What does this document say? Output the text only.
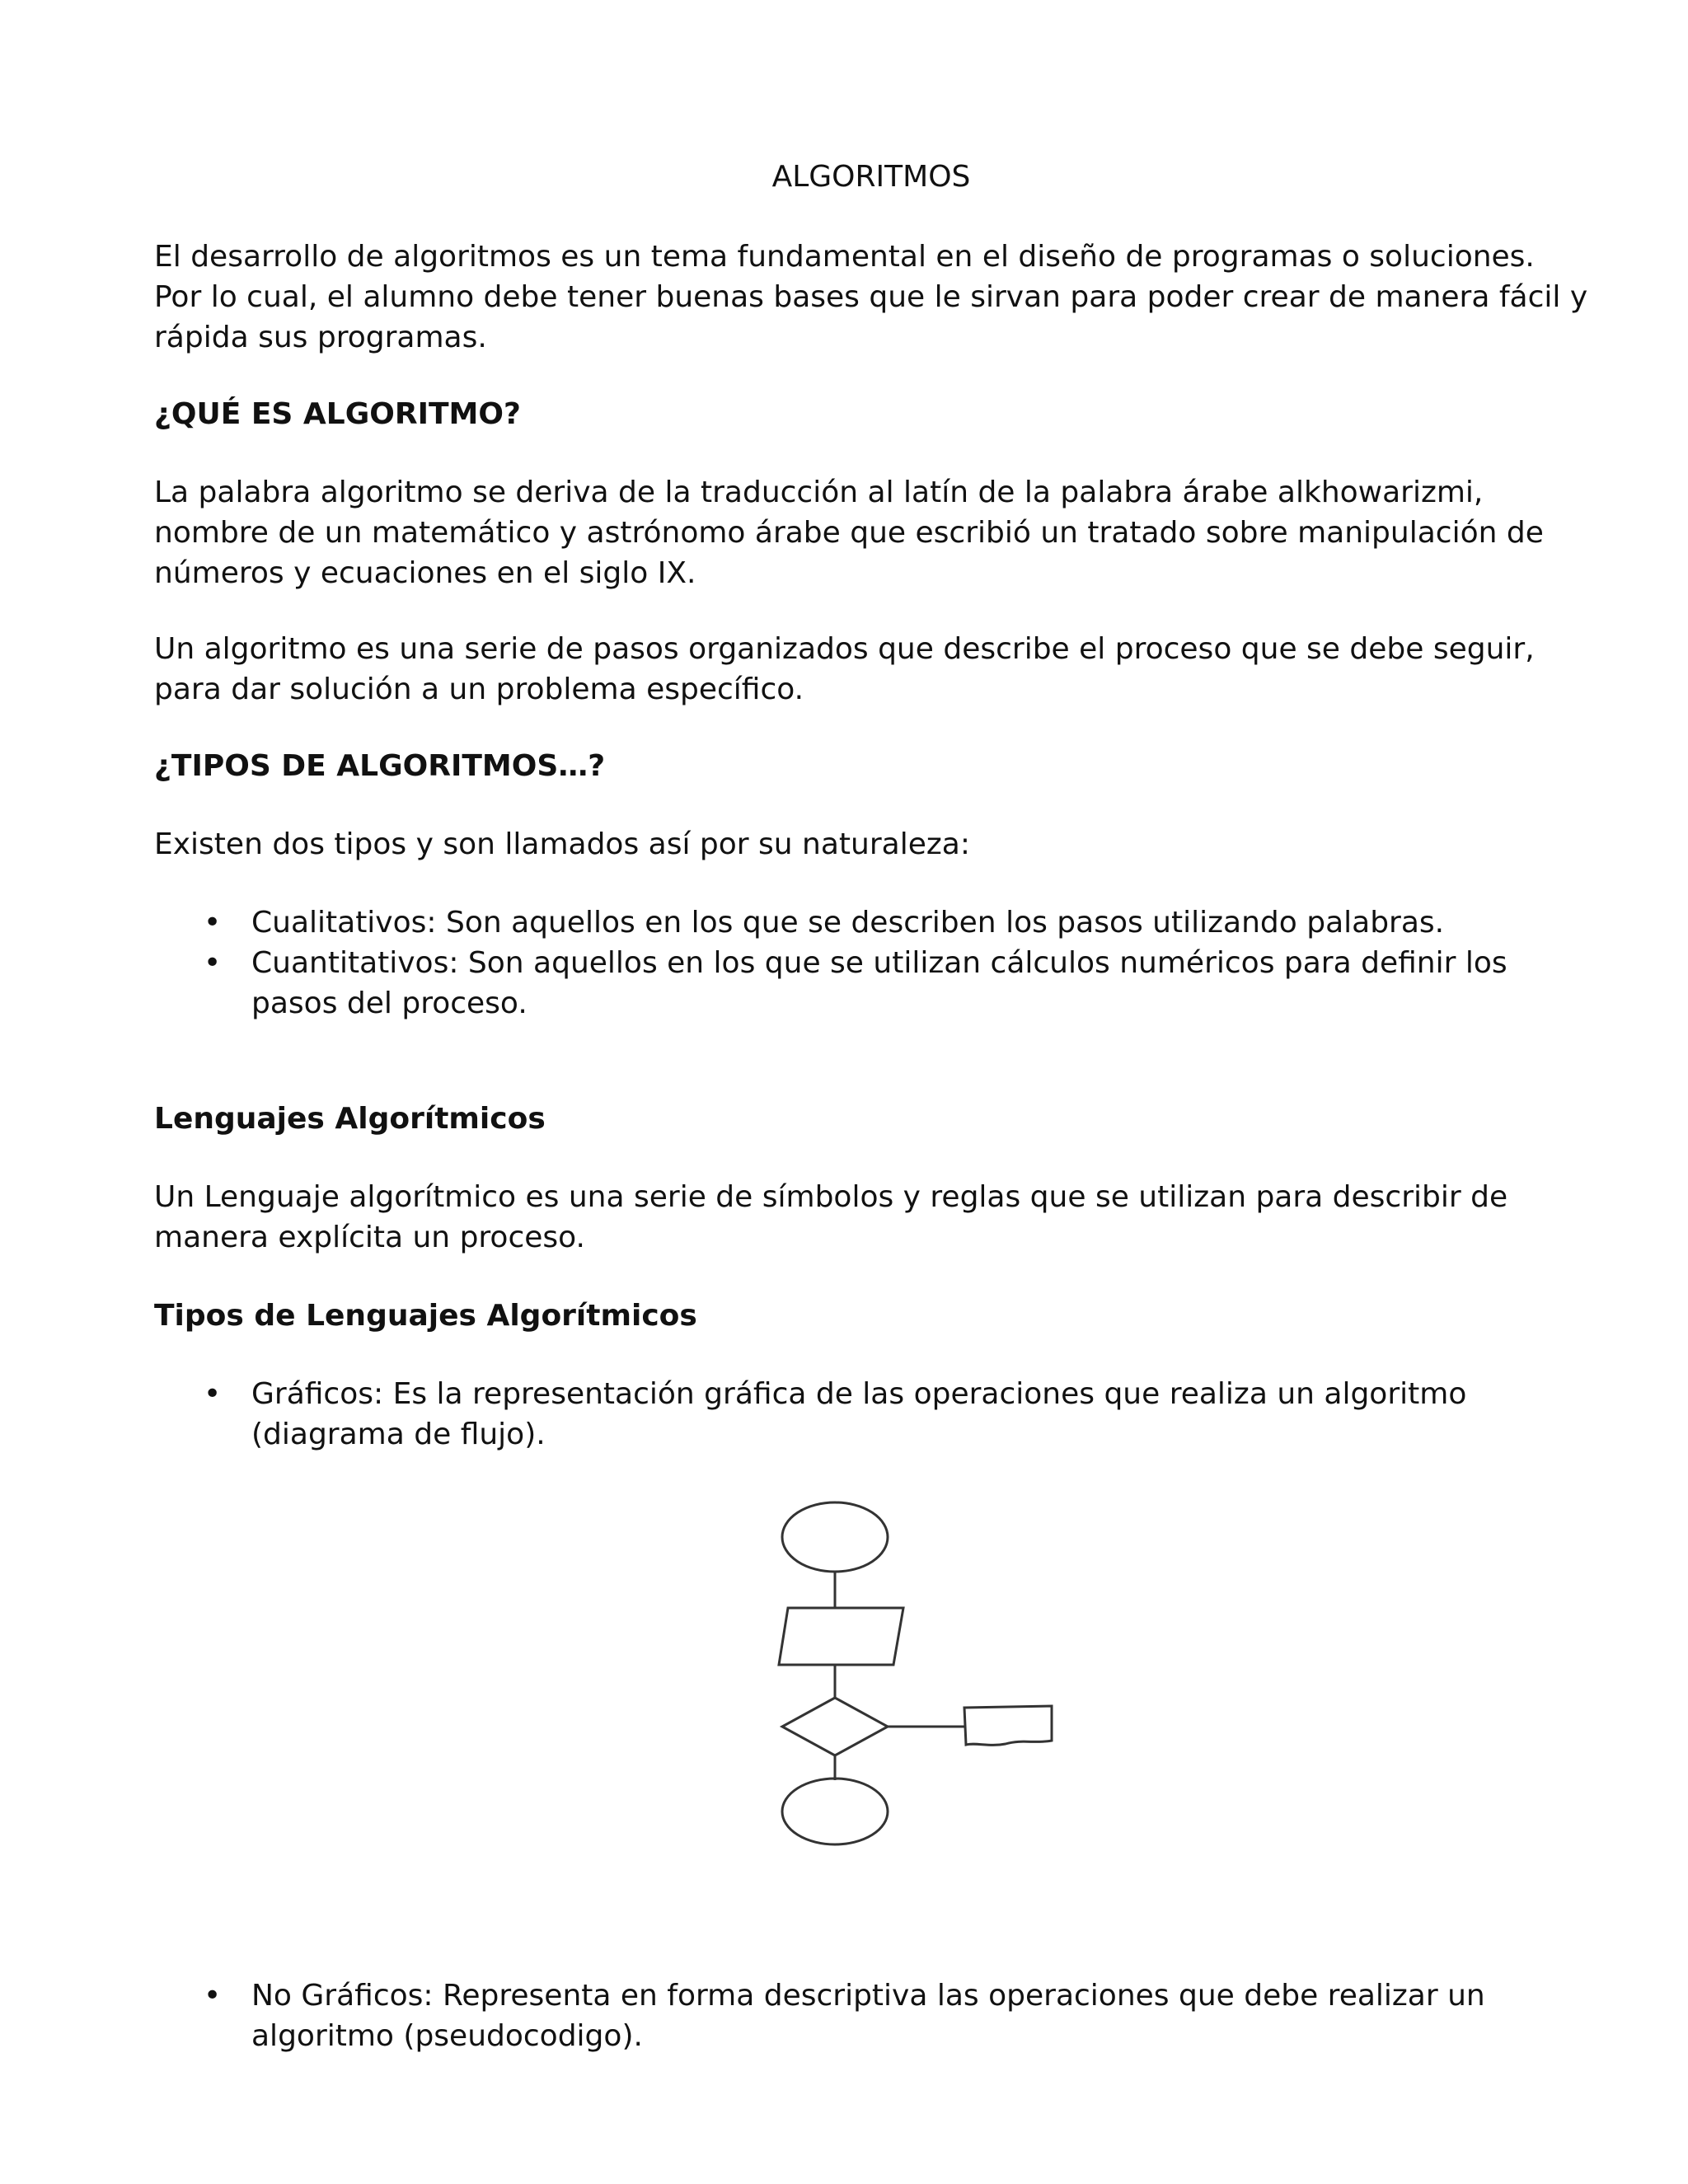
ALGORITMOS

El desarrollo de algoritmos es un tema fundamental en el diseño de programas o soluciones. Por lo cual, el alumno debe tener buenas bases que le sirvan para poder crear de manera fácil y rápida sus programas.

¿QUÉ ES ALGORITMO?

La palabra algoritmo se deriva de la traducción al latín de la palabra árabe alkhowarizmi, nombre de un matemático y astrónomo árabe que escribió un tratado sobre manipulación de números y ecuaciones en el siglo IX.

Un algoritmo es una serie de pasos organizados que describe el proceso que se debe seguir, para dar solución a un problema específico.

¿TIPOS DE ALGORITMOS…?

Existen dos tipos y son llamados así por su naturaleza:

• Cualitativos: Son aquellos en los que se describen los pasos utilizando palabras.
• Cuantitativos: Son aquellos en los que se utilizan cálculos numéricos para definir los pasos del proceso.
Lenguajes Algorítmicos

Un Lenguaje algorítmico es una serie de símbolos y reglas que se utilizan para describir de manera explícita un proceso.

Tipos de Lenguajes Algorítmicos
• Gráficos: Es la representación gráfica de las operaciones que realiza un algoritmo (diagrama de flujo).
• No Gráficos: Representa en forma descriptiva las operaciones que debe realizar un algoritmo (pseudocodigo).
